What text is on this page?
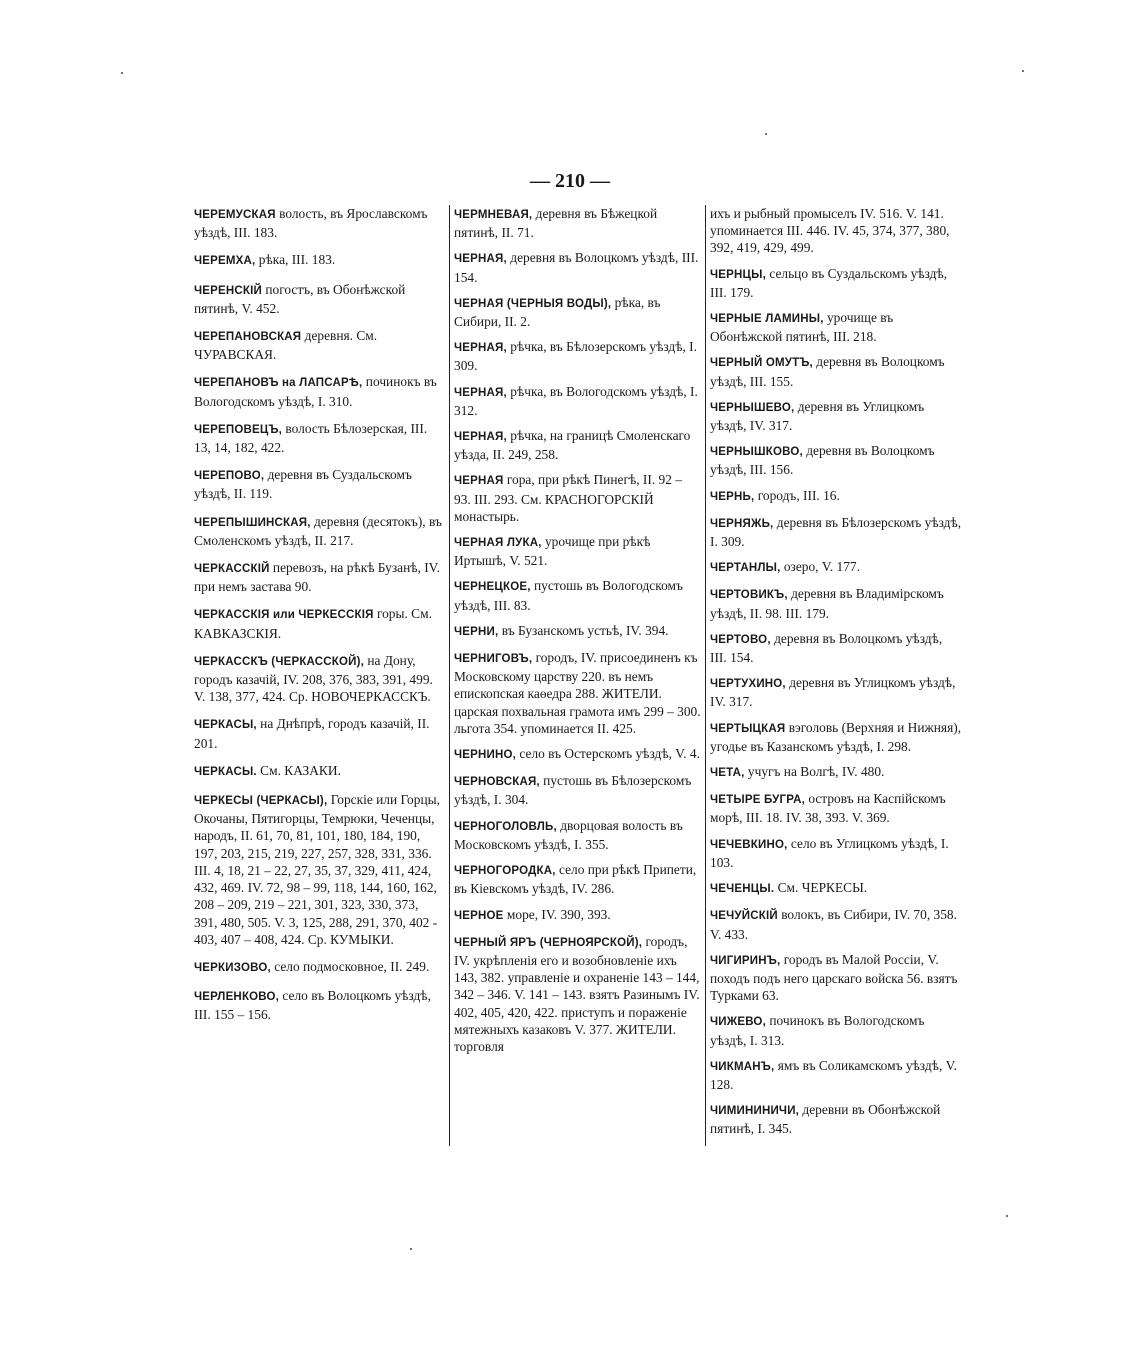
— 210 —

ЧЕРЕМУСКАЯ волость, въ Ярославскомъ уѣздѣ, III. 183.

ЧЕРЕМХА, рѣка, III. 183.

ЧЕРЕНСКІЙ погостъ, въ Обонѣжской пятинѣ, V. 452.

ЧЕРЕПАНОВСКАЯ деревня. См. ЧУРАВСКАЯ.

ЧЕРЕПАНОВЪ на ЛАПСАРѢ, починокъ въ Вологодскомъ уѣздѣ, I. 310.

ЧЕРЕПОВЕЦЪ, волость Бѣлозерская, III. 13, 14, 182, 422.

ЧЕРЕПОВО, деревня въ Суздальскомъ уѣздѣ, II. 119.

ЧЕРЕПЫШИНСКАЯ, деревня (десятокъ), въ Смоленскомъ уѣздѣ, II. 217.

ЧЕРКАССКІЙ перевозъ, на рѣкѣ Бузанѣ, IV. при немъ застава 90.

ЧЕРКАССКІЯ или ЧЕРКЕССКІЯ горы. См. КАВКАЗСКІЯ.

ЧЕРКАССКЪ (ЧЕРКАССКОЙ), на Дону, городъ казачій, IV. 208, 376, 383, 391, 499. V. 138, 377, 424. Ср. НОВОЧЕРКАССКЪ.

ЧЕРКАСЫ, на Днѣпрѣ, городъ казачій, II. 201.

ЧЕРКАСЫ. См. КАЗАКИ.

ЧЕРКЕСЫ (ЧЕРКАСЫ), Горскіе или Горцы, Окочаны, Пятигорцы, Темрюки, Чеченцы, народъ, II. 61, 70, 81, 101, 180, 184, 190, 197, 203, 215, 219, 227, 257, 328, 331, 336. III. 4, 18, 21 – 22, 27, 35, 37, 329, 411, 424, 432, 469. IV. 72, 98 – 99, 118, 144, 160, 162, 208 – 209, 219 – 221, 301, 323, 330, 373, 391, 480, 505. V. 3, 125, 288, 291, 370, 402 - 403, 407 – 408, 424. Ср. КУМЫКИ.

ЧЕРКИЗОВО, село подмосковное, II. 249.

ЧЕРЛЕНКОВО, село въ Волоцкомъ уѣздѣ, III. 155 – 156.

ЧЕРМНЕВАЯ, деревня въ Бѣжецкой пятинѣ, II. 71.

ЧЕРНАЯ, деревня въ Волоцкомъ уѣздѣ, III. 154.

ЧЕРНАЯ (ЧЕРНЫЯ ВОДЫ), рѣка, въ Сибири, II. 2.

ЧЕРНАЯ, рѣчка, въ Бѣлозерскомъ уѣздѣ, I. 309.

ЧЕРНАЯ, рѣчка, въ Вологодскомъ уѣздѣ, I. 312.

ЧЕРНАЯ, рѣчка, на границѣ Смоленскаго уѣзда, II. 249, 258.

ЧЕРНАЯ гора, при рѣкѣ Пинегѣ, II. 92 – 93. III. 293. См. КРАСНОГОРСКІЙ монастырь.

ЧЕРНАЯ ЛУКА, урочище при рѣкѣ Иртышѣ, V. 521.

ЧЕРНЕЦКОЕ, пустошь въ Вологодскомъ уѣздѣ, III. 83.

ЧЕРНИ, въ Бузанскомъ устьѣ, IV. 394.

ЧЕРНИГОВЪ, городъ, IV. присоединенъ къ Московскому царству 220. въ немъ епископская каѳедра 288. ЖИТЕЛИ. царская похвальная грамота имъ 299 – 300. льгота 354. упоминается II. 425.

ЧЕРНИНО, село въ Остерскомъ уѣздѣ, V. 4.

ЧЕРНОВСКАЯ, пустошь въ Бѣлозерскомъ уѣздѣ, I. 304.

ЧЕРНОГОЛОВЛЬ, дворцовая волость въ Московскомъ уѣздѣ, I. 355.

ЧЕРНОГОРОДКА, село при рѣкѣ Припети, въ Кіевскомъ уѣздѣ, IV. 286.

ЧЕРНОЕ море, IV. 390, 393.

ЧЕРНЫЙ ЯРЪ (ЧЕРНОЯРСКОЙ), городъ, IV. укрѣпленія его и возобновленіе ихъ 143, 382. управленіе и охраненіе 143 – 144, 342 – 346. V. 141 – 143. взятъ Разинымъ IV. 402, 405, 420, 422. приступъ и пораженіе мятежныхъ казаковъ V. 377. ЖИТЕЛИ. торговля

ихъ и рыбный промыселъ IV. 516. V. 141. упоминается III. 446. IV. 45, 374, 377, 380, 392, 419, 429, 499.

ЧЕРНЦЫ, сельцо въ Суздальскомъ уѣздѣ, III. 179.

ЧЕРНЫЕ ЛАМИНЫ, урочище въ Обонѣжской пятинѣ, III. 218.

ЧЕРНЫЙ ОМУТЪ, деревня въ Волоцкомъ уѣздѣ, III. 155.

ЧЕРНЫШЕВО, деревня въ Углицкомъ уѣздѣ, IV. 317.

ЧЕРНЫШКОВО, деревня въ Волоцкомъ уѣздѣ, III. 156.

ЧЕРНЬ, городъ, III. 16.

ЧЕРНЯЖЬ, деревня въ Бѣлозерскомъ уѣздѣ, I. 309.

ЧЕРТАНЛЫ, озеро, V. 177.

ЧЕРТОВИКЪ, деревня въ Владимірскомъ уѣздѣ, II. 98. III. 179.

ЧЕРТОВО, деревня въ Волоцкомъ уѣздѣ, III. 154.

ЧЕРТУХИНО, деревня въ Углицкомъ уѣздѣ, IV. 317.

ЧЕРТЫЦКАЯ вэголовь (Верхняя и Нижняя), угодье въ Казанскомъ уѣздѣ, I. 298.

ЧЕТА, учугъ на Волгѣ, IV. 480.

ЧЕТЫРЕ БУГРА, островъ на Каспійскомъ морѣ, III. 18. IV. 38, 393. V. 369.

ЧЕЧЕВКИНО, село въ Углицкомъ уѣздѣ, I. 103.

ЧЕЧЕНЦЫ. См. ЧЕРКЕСЫ.

ЧЕЧУЙСКІЙ волокъ, въ Сибири, IV. 70, 358. V. 433.

ЧИГИРИНЪ, городъ въ Малой Россіи, V. походъ подъ него царскаго войска 56. взятъ Турками 63.

ЧИЖЕВО, починокъ въ Вологодскомъ уѣздѣ, I. 313.

ЧИКМАНЪ, ямъ въ Соликамскомъ уѣздѣ, V. 128.

ЧИМИНИНИЧИ, деревни въ Обонѣжской пятинѣ, I. 345.
